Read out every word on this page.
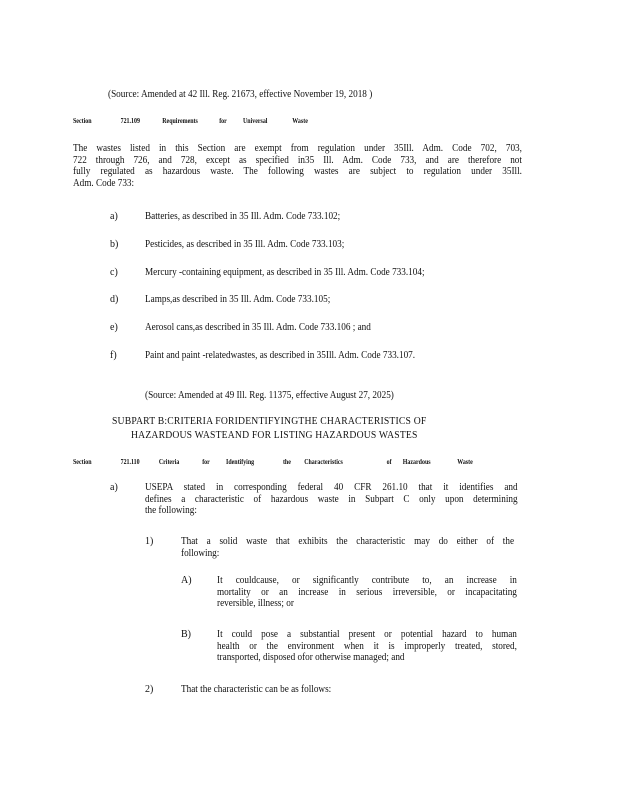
(Source: Amended at 42 Ill. Reg. 21673, effective November 19, 2018 )
Section	721.109	Requirements	for Universal	Waste
The wastes listed in this Section are exempt from regulation under 35Ill. Adm. Code 702, 703,
722 through 726, and 728, except as specified in35 Ill. Adm. Code 733, and are therefore not
fully regulated as hazardous waste. The following wastes are subject to regulation under 35Ill.
Adm. Code 733:
a)	Batteries, as described in 35 Ill. Adm. Code 733.102;
b)	Pesticides, as described in 35 Ill. Adm. Code 733.103;
c)	Mercury -containing equipment, as described in 35 Ill. Adm. Code 733.104;
d)	Lamps,as described in 35 Ill. Adm. Code 733.105;
e)	Aerosol cans,as described in 35 Ill. Adm. Code 733.106 ; and
f)	Paint and paint -relatedwastes, as described in 35Ill. Adm. Code 733.107.
(Source: Amended at 49 Ill. Reg. 11375, effective August 27, 2025)
SUBPART B:CRITERIA FORIDENTIFYINGTHE CHARACTERISTICS OF
HAZARDOUS WASTEAND FOR LISTING HAZARDOUS WASTES
Section	721.110	Criteria	for Identifying	the Characteristics	of Hazardous	Waste
a)	USEPA stated in corresponding federal 40 CFR 261.10 that it identifies and
defines a characteristic of hazardous waste in Subpart C only upon determining
the following:
1)	That a solid waste that exhibits the characteristic may do either of the
following:
A)	It couldcause, or significantly contribute to, an increase in
mortality or an increase in serious irreversible, or incapacitating
reversible, illness; or
B)	It could pose a substantial present or potential hazard to human
health or the environment when it is improperly treated, stored,
transported, disposed ofor otherwise managed; and
2)	That the characteristic can be as follows:
